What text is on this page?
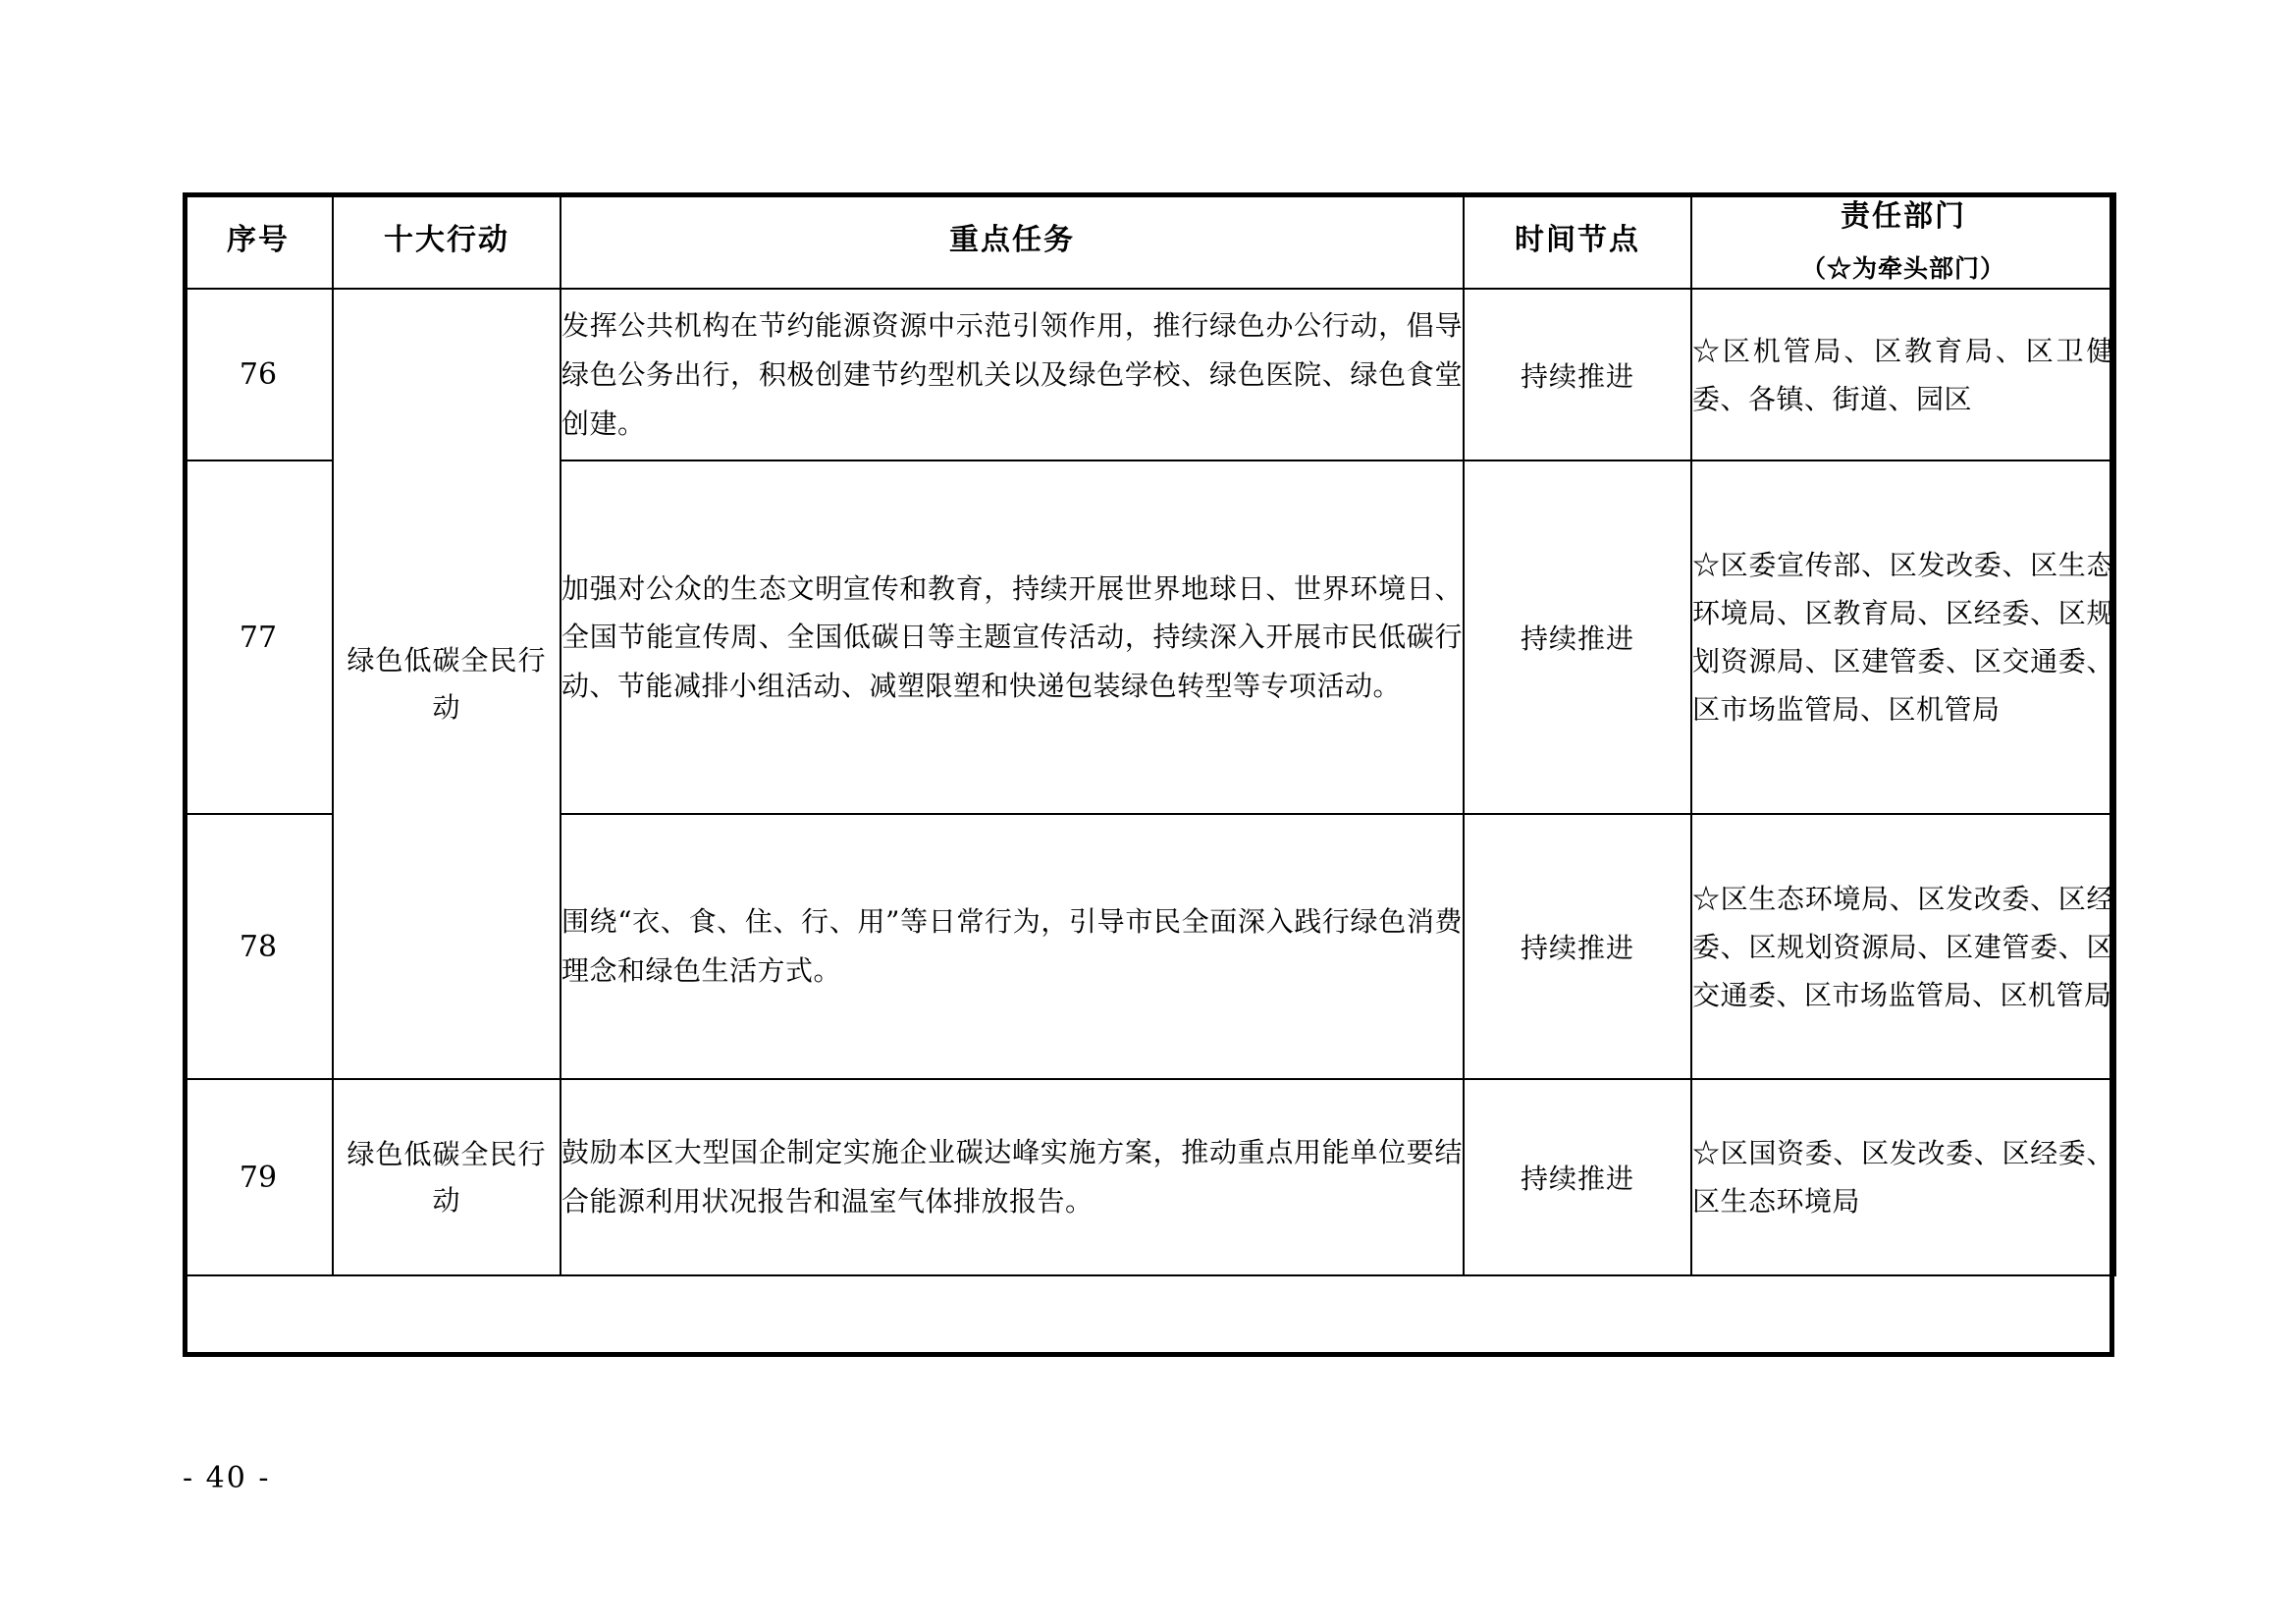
序号	十大行动	重点任务	时间节点	责任部门
（☆为牵头部门）

76	绿色低碳全民行动	发挥公共机构在节约能源资源中示范引领作用，推行绿色办公行动，倡导绿色公务出行，积极创建节约型机关以及绿色学校、绿色医院、绿色食堂创建。	持续推进	☆区机管局、区教育局、区卫健委、各镇、街道、园区
77		加强对公众的生态文明宣传和教育，持续开展世界地球日、世界环境日、全国节能宣传周、全国低碳日等主题宣传活动，持续深入开展市民低碳行动、节能减排小组活动、减塑限塑和快递包装绿色转型等专项活动。	持续推进	☆区委宣传部、区发改委、区生态环境局、区教育局、区经委、区规划资源局、区建管委、区交通委、区市场监管局、区机管局
78		围绕“衣、食、住、行、用”等日常行为，引导市民全面深入践行绿色消费理念和绿色生活方式。	持续推进	☆区生态环境局、区发改委、区经委、区规划资源局、区建管委、区交通委、区市场监管局、区机管局
79	绿色低碳全民行动	鼓励本区大型国企制定实施企业碳达峰实施方案，推动重点用能单位要结合能源利用状况报告和温室气体排放报告。	持续推进	☆区国资委、区发改委、区经委、区生态环境局
- 40 -
